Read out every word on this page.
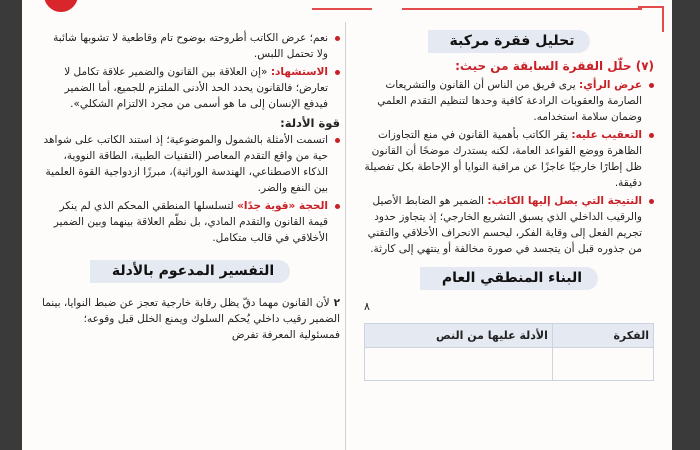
تحليل فقرة مركبة

(٧) حلّل الفقرة السابقة من حيث:

عرض الرأي: يرى فريق من الناس أن القانون والتشريعات الصارمة والعقوبات الرادعة كافية وحدها لتنظيم التقدم العلمي وضمان سلامة استخدامه.
التعقيب عليه: يقر الكاتب بأهمية القانون في منع التجاوزات الظاهرة ووضع القواعد العامة، لكنه يستدرك موضحًا أن القانون ظل إطارًا خارجيًا عاجزًا عن مراقبة النوايا أو الإحاطة بكل تفصيلة دقيقة.
النتيجة التي يصل إليها الكاتب: الضمير هو الضابط الأصيل والرقيب الداخلي الذي يسبق التشريع الخارجي؛ إذ يتجاوز حدود تجريم الفعل إلى وقاية الفكر، ليحسم الانحراف الأخلاقي والتقني من جذوره قبل أن يتجسد في صورة مخالفة أو ينتهي إلى كارثة.
البناء المنطقي العام

٨

الفكرة	الأدلة عليها من النص

نعم؛ عرض الكاتب أطروحته بوضوح تام وقاطعية لا تشوبها شائبة ولا تحتمل اللبس.
الاستشهاد: «إن العلاقة بين القانون والضمير علاقة تكامل لا تعارض؛ فالقانون يحدد الحد الأدنى الملتزم للجميع، أما الضمير فيدفع الإنسان إلى ما هو أسمى من مجرد الالتزام الشكلي».

قوة الأدلة:

اتسمت الأمثلة بالشمول والموضوعية؛ إذ استند الكاتب على شواهد حية من واقع التقدم المعاصر (التقنيات الطبية، الطاقة النووية، الذكاء الاصطناعي، الهندسة الوراثية)، مبرزًا ازدواجية القوة العلمية بين النفع والضر.
الحجة «قوية جدًا» لتسلسلها المنطقي المحكم الذي لم ينكر قيمة القانون والتقدم المادي، بل نظّم العلاقة بينهما وبين الضمير الأخلاقي في قالب متكامل.
التفسير المدعوم بالأدلة

٢لأن القانون مهما دقّ يظل رقابة خارجية تعجز عن ضبط النوايا، بينما الضمير رقيب داخلي يُحكم السلوك ويمنع الخلل قبل وقوعه؛ فمسئولية المعرفة تفرض
